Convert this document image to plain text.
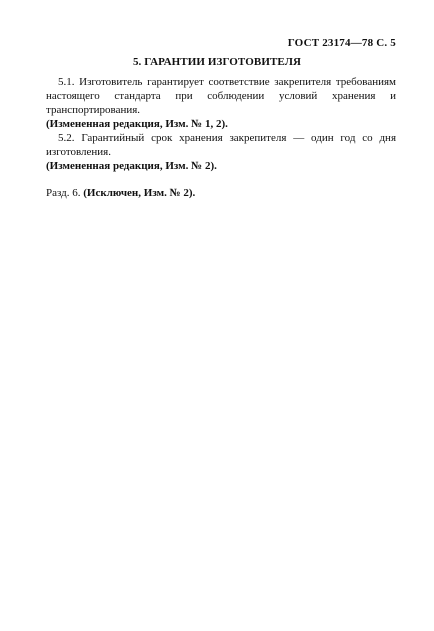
ГОСТ 23174—78 С. 5
5. ГАРАНТИИ ИЗГОТОВИТЕЛЯ

5.1. Изготовитель гарантирует соответствие закрепителя требованиям настоящего стандарта при соблюдении условий хранения и транспортирования.

(Измененная редакция, Изм. № 1, 2).

5.2. Гарантийный срок хранения закрепителя — один год со дня изготовления.

(Измененная редакция, Изм. № 2).

Разд. 6. (Исключен, Изм. № 2).
